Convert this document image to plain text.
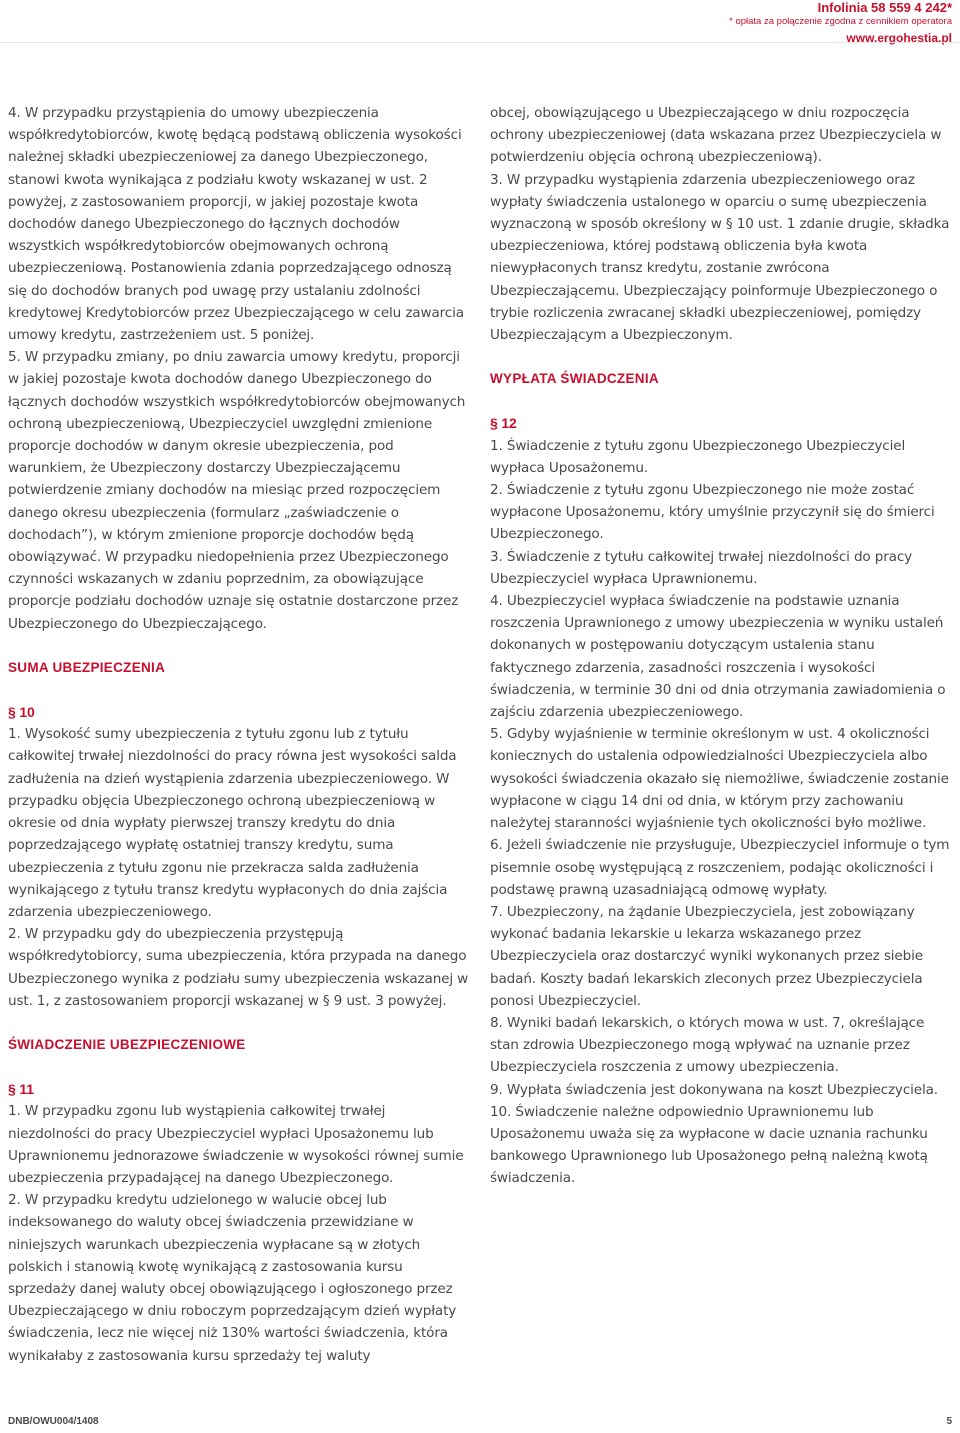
Infolinia 58 559 4 242*
* opłata za połączenie zgodna z cennikiem operatora
www.ergohestia.pl

4. W przypadku przystąpienia do umowy ubezpieczenia współkredytobiorców, kwotę będącą podstawą obliczenia wysokości należnej składki ubezpieczeniowej za danego Ubezpieczonego, stanowi kwota wynikająca z podziału kwoty wskazanej w ust. 2 powyżej, z zastosowaniem proporcji, w jakiej pozostaje kwota dochodów danego Ubezpieczonego do łącznych dochodów wszystkich współkredytobiorców obejmowanych ochroną ubezpieczeniową. Postanowienia zdania poprzedzającego odnoszą się do dochodów branych pod uwagę przy ustalaniu zdolności kredytowej Kredytobiorców przez Ubezpieczającego w celu zawarcia umowy kredytu, zastrzeżeniem ust. 5 poniżej.

5. W przypadku zmiany, po dniu zawarcia umowy kredytu, proporcji w jakiej pozostaje kwota dochodów danego Ubezpieczonego do łącznych dochodów wszystkich współkredytobiorców obejmowanych ochroną ubezpieczeniową, Ubezpieczyciel uwzględni zmienione proporcje dochodów w danym okresie ubezpieczenia, pod warunkiem, że Ubezpieczony dostarczy Ubezpieczającemu potwierdzenie zmiany dochodów na miesiąc przed rozpoczęciem danego okresu ubezpieczenia (formularz „zaświadczenie o dochodach”), w którym zmienione proporcje dochodów będą obowiązywać. W przypadku niedopełnienia przez Ubezpieczonego czynności wskazanych w zdaniu poprzednim, za obowiązujące proporcje podziału dochodów uznaje się ostatnie dostarczone przez Ubezpieczonego do Ubezpieczającego.

SUMA UBEZPIECZENIA

§ 10

1. Wysokość sumy ubezpieczenia z tytułu zgonu lub z tytułu całkowitej trwałej niezdolności do pracy równa jest wysokości salda zadłużenia na dzień wystąpienia zdarzenia ubezpieczeniowego. W przypadku objęcia Ubezpieczonego ochroną ubezpieczeniową w okresie od dnia wypłaty pierwszej transzy kredytu do dnia poprzedzającego wypłatę ostatniej transzy kredytu, suma ubezpieczenia z tytułu zgonu nie przekracza salda zadłużenia wynikającego z tytułu transz kredytu wypłaconych do dnia zajścia zdarzenia ubezpieczeniowego.

2. W przypadku gdy do ubezpieczenia przystępują współkredytobiorcy, suma ubezpieczenia, która przypada na danego Ubezpieczonego wynika z podziału sumy ubezpieczenia wskazanej w ust. 1, z zastosowaniem proporcji wskazanej w § 9 ust. 3 powyżej.

ŚWIADCZENIE UBEZPIECZENIOWE

§ 11

1. W przypadku zgonu lub wystąpienia całkowitej trwałej niezdolności do pracy Ubezpieczyciel wypłaci Uposażonemu lub Uprawnionemu jednorazowe świadczenie w wysokości równej sumie ubezpieczenia przypadającej na danego Ubezpieczonego.

2. W przypadku kredytu udzielonego w walucie obcej lub indeksowanego do waluty obcej świadczenia przewidziane w niniejszych warunkach ubezpieczenia wypłacane są w złotych polskich i stanowią kwotę wynikającą z zastosowania kursu sprzedaży danej waluty obcej obowiązującego i ogłoszonego przez Ubezpieczającego w dniu roboczym poprzedzającym dzień wypłaty świadczenia, lecz nie więcej niż 130% wartości świadczenia, która wynikałaby z zastosowania kursu sprzedaży tej waluty

obcej, obowiązującego u Ubezpieczającego w dniu rozpoczęcia ochrony ubezpieczeniowej (data wskazana przez Ubezpieczyciela w potwierdzeniu objęcia ochroną ubezpieczeniową).

3. W przypadku wystąpienia zdarzenia ubezpieczeniowego oraz wypłaty świadczenia ustalonego w oparciu o sumę ubezpieczenia wyznaczoną w sposób określony w § 10 ust. 1 zdanie drugie, składka ubezpieczeniowa, której podstawą obliczenia była kwota niewypłaconych transz kredytu, zostanie zwrócona Ubezpieczającemu. Ubezpieczający poinformuje Ubezpieczonego o trybie rozliczenia zwracanej składki ubezpieczeniowej, pomiędzy Ubezpieczającym a Ubezpieczonym.

WYPŁATA ŚWIADCZENIA

§ 12

1. Świadczenie z tytułu zgonu Ubezpieczonego Ubezpieczyciel wypłaca Uposażonemu.

2. Świadczenie z tytułu zgonu Ubezpieczonego nie może zostać wypłacone Uposażonemu, który umyślnie przyczynił się do śmierci Ubezpieczonego.

3. Świadczenie z tytułu całkowitej trwałej niezdolności do pracy Ubezpieczyciel wypłaca Uprawnionemu.

4. Ubezpieczyciel wypłaca świadczenie na podstawie uznania roszczenia Uprawnionego z umowy ubezpieczenia w wyniku ustaleń dokonanych w postępowaniu dotyczącym ustalenia stanu faktycznego zdarzenia, zasadności roszczenia i wysokości świadczenia, w terminie 30 dni od dnia otrzymania zawiadomienia o zajściu zdarzenia ubezpieczeniowego.

5. Gdyby wyjaśnienie w terminie określonym w ust. 4 okoliczności koniecznych do ustalenia odpowiedzialności Ubezpieczyciela albo wysokości świadczenia okazało się niemożliwe, świadczenie zostanie wypłacone w ciągu 14 dni od dnia, w którym przy zachowaniu należytej staranności wyjaśnienie tych okoliczności było możliwe.

6. Jeżeli świadczenie nie przysługuje, Ubezpieczyciel informuje o tym pisemnie osobę występującą z roszczeniem, podając okoliczności i podstawę prawną uzasadniającą odmowę wypłaty.

7. Ubezpieczony, na żądanie Ubezpieczyciela, jest zobowiązany wykonać badania lekarskie u lekarza wskazanego przez Ubezpieczyciela oraz dostarczyć wyniki wykonanych przez siebie badań. Koszty badań lekarskich zleconych przez Ubezpieczyciela ponosi Ubezpieczyciel.

8. Wyniki badań lekarskich, o których mowa w ust. 7, określające stan zdrowia Ubezpieczonego mogą wpływać na uznanie przez Ubezpieczyciela roszczenia z umowy ubezpieczenia.

9. Wypłata świadczenia jest dokonywana na koszt Ubezpieczyciela.

10. Świadczenie należne odpowiednio Uprawnionemu lub Uposażonemu uważa się za wypłacone w dacie uznania rachunku bankowego Uprawnionego lub Uposażonego pełną należną kwotą świadczenia.

DNB/OWU004/1408	5
